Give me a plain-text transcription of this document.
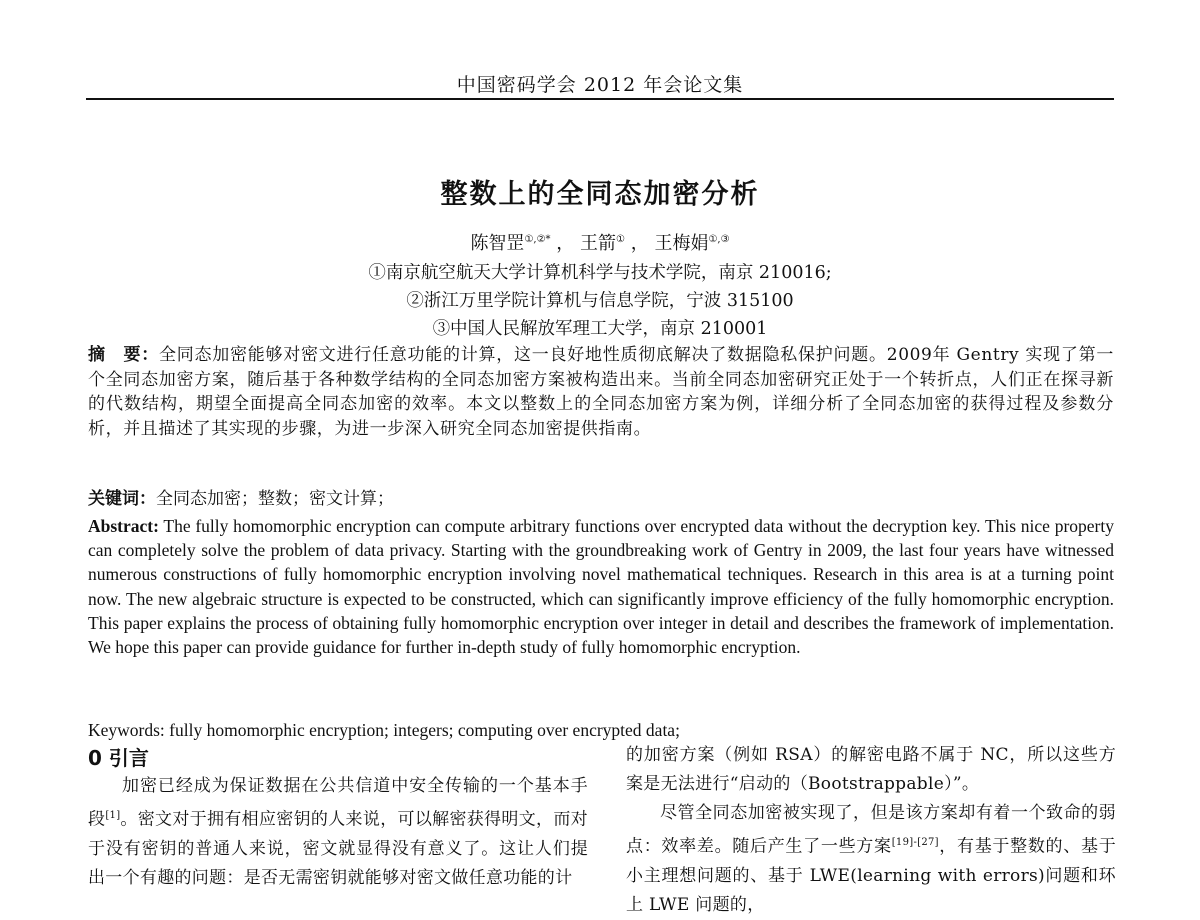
中国密码学会 2012 年会论文集
整数上的全同态加密分析
陈智罡①,②* ， 王箭① ， 王梅娟①,③
①南京航空航天大学计算机科学与技术学院，南京 210016;
②浙江万里学院计算机与信息学院，宁波 315100
③中国人民解放军理工大学，南京 210001
摘　要：全同态加密能够对密文进行任意功能的计算，这一良好地性质彻底解决了数据隐私保护问题。2009年 Gentry 实现了第一个全同态加密方案，随后基于各种数学结构的全同态加密方案被构造出来。当前全同态加密研究正处于一个转折点，人们正在探寻新的代数结构，期望全面提高全同态加密的效率。本文以整数上的全同态加密方案为例，详细分析了全同态加密的获得过程及参数分析，并且描述了其实现的步骤，为进一步深入研究全同态加密提供指南。
关键词：全同态加密；整数；密文计算；
Abstract: The fully homomorphic encryption can compute arbitrary functions over encrypted data without the decryption key. This nice property can completely solve the problem of data privacy. Starting with the groundbreaking work of Gentry in 2009, the last four years have witnessed numerous constructions of fully homomorphic encryption involving novel mathematical techniques. Research in this area is at a turning point now. The new algebraic structure is expected to be constructed, which can significantly improve efficiency of the fully homomorphic encryption. This paper explains the process of obtaining fully homomorphic encryption over integer in detail and describes the framework of implementation. We hope this paper can provide guidance for further in-depth study of fully homomorphic encryption.
Keywords: fully homomorphic encryption; integers; computing over encrypted data;
0 引言

加密已经成为保证数据在公共信道中安全传输的一个基本手段[1]。密文对于拥有相应密钥的人来说，可以解密获得明文，而对于没有密钥的普通人来说，密文就显得没有意义了。这让人们提出一个有趣的问题：是否无需密钥就能够对密文做任意功能的计

的加密方案（例如 RSA）的解密电路不属于 NC，所以这些方案是无法进行“启动的（Bootstrappable）”。

尽管全同态加密被实现了，但是该方案却有着一个致命的弱点：效率差。随后产生了一些方案[19]-[27]，有基于整数的、基于小主理想问题的、基于 LWE(learning with errors)问题和环上 LWE 问题的，
